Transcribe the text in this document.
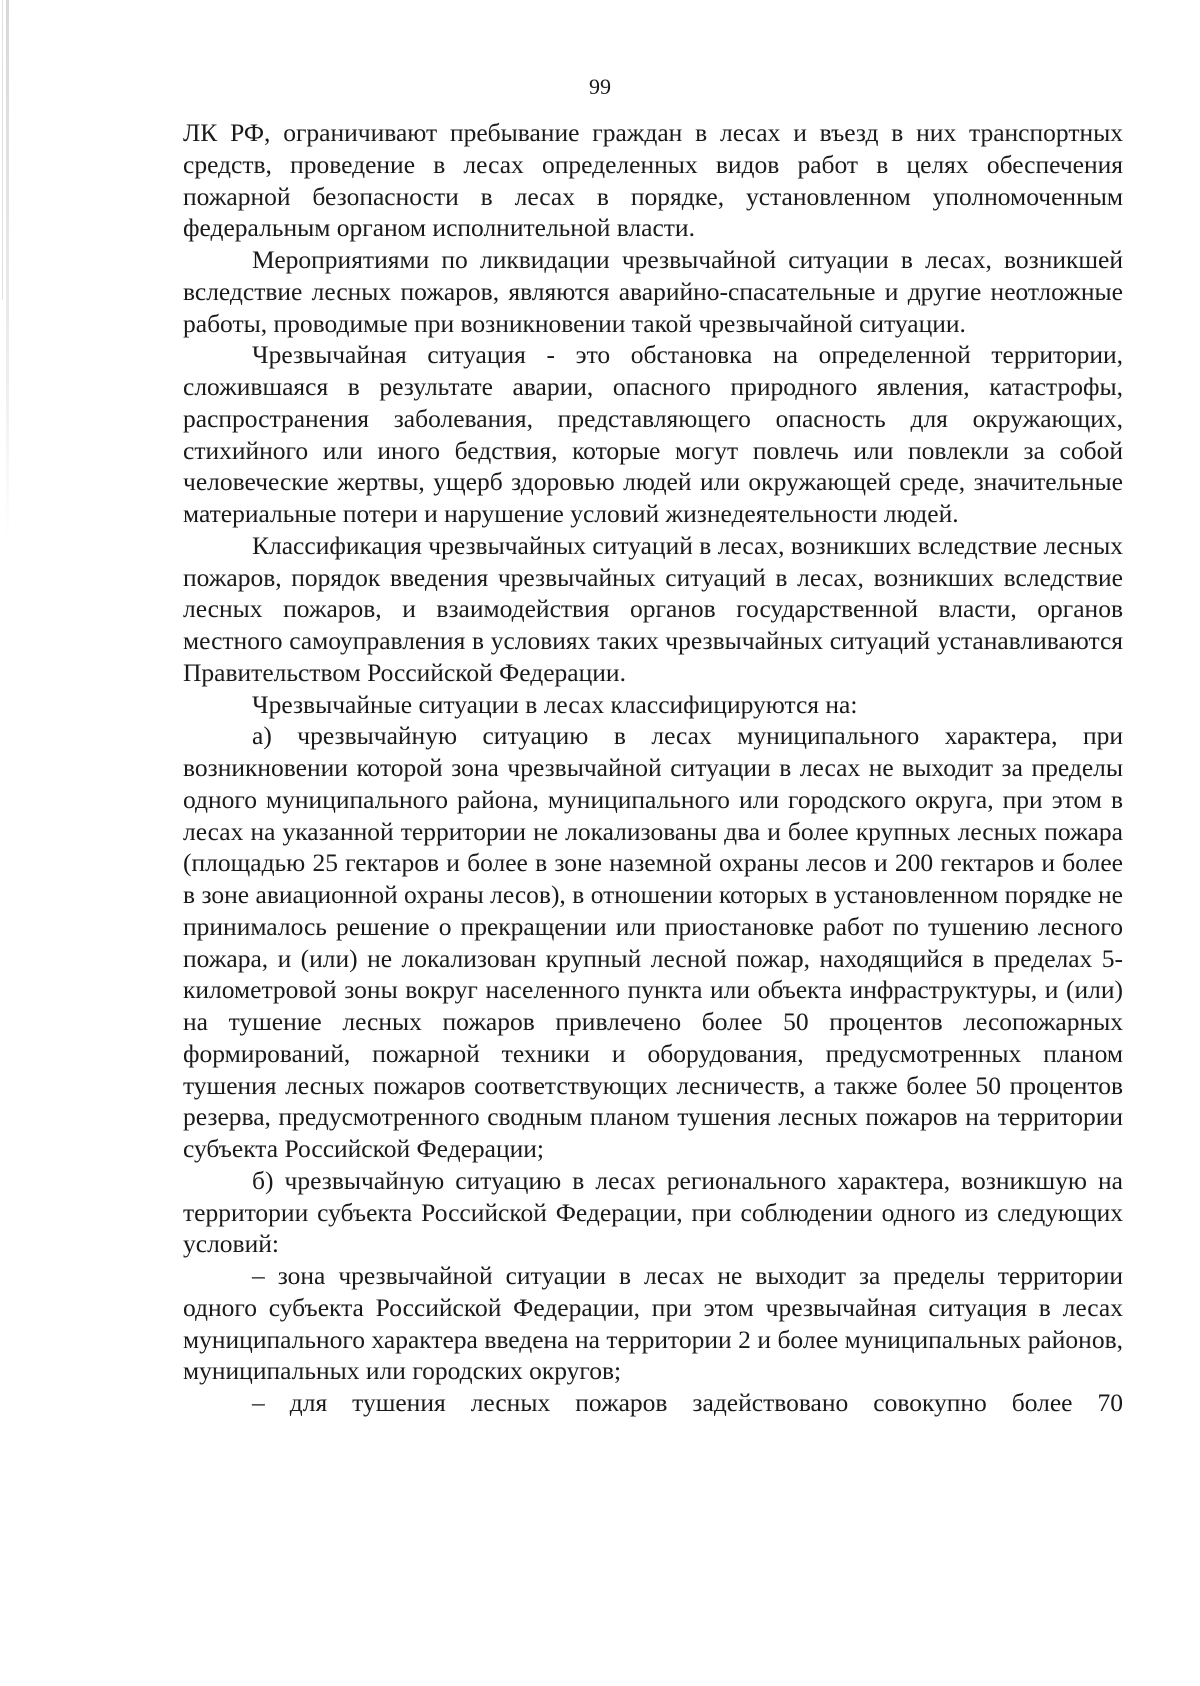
99

ЛК РФ, ограничивают пребывание граждан в лесах и въезд в них транспортных средств, проведение в лесах определенных видов работ в целях обеспечения пожарной безопасности в лесах в порядке, установленном уполномоченным федеральным органом исполнительной власти.

Мероприятиями по ликвидации чрезвычайной ситуации в лесах, возникшей вследствие лесных пожаров, являются аварийно-спасательные и другие неотложные работы, проводимые при возникновении такой чрезвычайной ситуации.

Чрезвычайная ситуация - это обстановка на определенной территории, сложившаяся в результате аварии, опасного природного явления, катастрофы, распространения заболевания, представляющего опасность для окружающих, стихийного или иного бедствия, которые могут повлечь или повлекли за собой человеческие жертвы, ущерб здоровью людей или окружающей среде, значительные материальные потери и нарушение условий жизнедеятельности людей.

Классификация чрезвычайных ситуаций в лесах, возникших вследствие лесных пожаров, порядок введения чрезвычайных ситуаций в лесах, возникших вследствие лесных пожаров, и взаимодействия органов государственной власти, органов местного самоуправления в условиях таких чрезвычайных ситуаций устанавливаются Правительством Российской Федерации.

Чрезвычайные ситуации в лесах классифицируются на:

а) чрезвычайную ситуацию в лесах муниципального характера, при возникновении которой зона чрезвычайной ситуации в лесах не выходит за пределы одного муниципального района, муниципального или городского округа, при этом в лесах на указанной территории не локализованы два и более крупных лесных пожара (площадью 25 гектаров и более в зоне наземной охраны лесов и 200 гектаров и более в зоне авиационной охраны лесов), в отношении которых в установленном порядке не принималось решение о прекращении или приостановке работ по тушению лесного пожара, и (или) не локализован крупный лесной пожар, находящийся в пределах 5-километровой зоны вокруг населенного пункта или объекта инфраструктуры, и (или) на тушение лесных пожаров привлечено более 50 процентов лесопожарных формирований, пожарной техники и оборудования, предусмотренных планом тушения лесных пожаров соответствующих лесничеств, а также более 50 процентов резерва, предусмотренного сводным планом тушения лесных пожаров на территории субъекта Российской Федерации;

б) чрезвычайную ситуацию в лесах регионального характера, возникшую на территории субъекта Российской Федерации, при соблюдении одного из следующих условий:

– зона чрезвычайной ситуации в лесах не выходит за пределы территории одного субъекта Российской Федерации, при этом чрезвычайная ситуация в лесах муниципального характера введена на территории 2 и более муниципальных районов, муниципальных или городских округов;

– для тушения лесных пожаров задействовано совокупно более 70
